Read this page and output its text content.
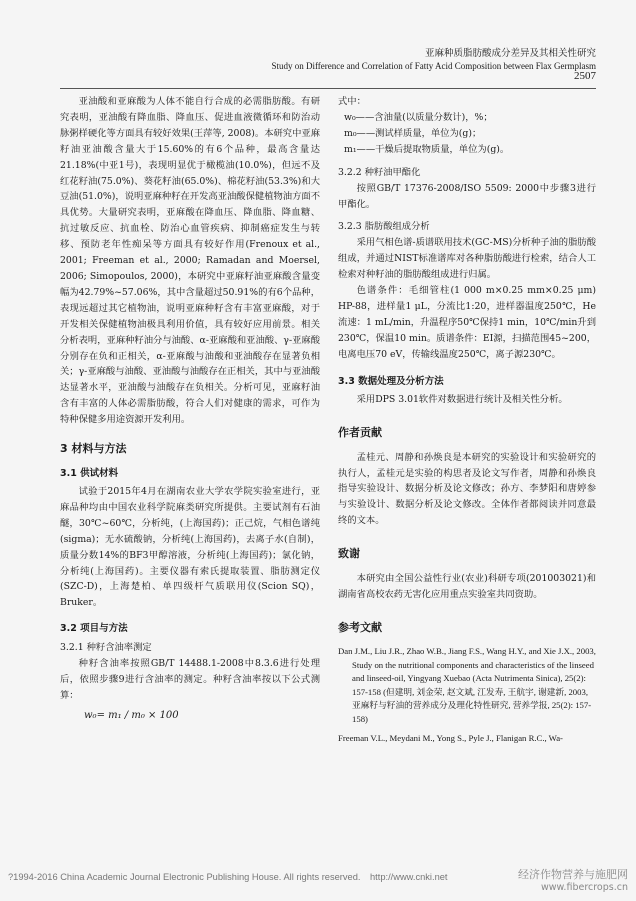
亚麻种质脂肪酸成分差异及其相关性研究
Study on Difference and Correlation of Fatty Acid Composition between Flax Germplasm
2507

亚油酸和亚麻酸为人体不能自行合成的必需脂肪酸。有研究表明，亚油酸有降血脂、降血压、促进血液微循环和防治动脉粥样硬化等方面具有较好效果(王萍等, 2008)。本研究中亚麻籽油亚油酸含量大于15.60%的有6个品种，最高含量达21.18%(中亚1号)，表现明显优于橄榄油(10.0%)，但远不及红花籽油(75.0%)、葵花籽油(65.0%)、棉花籽油(53.3%)和大豆油(51.0%)，说明亚麻种籽在开发高亚油酸保健植物油方面不具优势。大量研究表明，亚麻酸在降血压、降血脂、降血糖、抗过敏反应、抗血栓、防治心血管疾病、抑制癌症发生与转移、预防老年性痴呆等方面具有较好作用(Frenoux et al., 2001; Freeman et al., 2000; Ramadan and Moersel, 2006; Simopoulos, 2000)，本研究中亚麻籽油亚麻酸含量变幅为42.79%~57.06%，其中含量超过50.91%的有6个品种，表现远超过其它植物油，说明亚麻种籽含有丰富亚麻酸，对于开发相关保健植物油极具利用价值，具有较好应用前景。相关分析表明，亚麻种籽油分与油酸、α-亚麻酸和亚油酸、γ-亚麻酸分别存在负和正相关，α-亚麻酸与油酸和亚油酸存在显著负相关；γ-亚麻酸与油酸、亚油酸与油酸存在正相关，其中与亚油酸达显著水平，亚油酸与油酸存在负相关。分析可见，亚麻籽油含有丰富的人体必需脂肪酸，符合人们对健康的需求，可作为特种保健多用途资源开发利用。

3 材料与方法
3.1 供试材料

试验于2015年4月在湖南农业大学农学院实验室进行，亚麻品种均由中国农业科学院麻类研究所提供。主要试剂有石油醚，30℃~60℃，分析纯，(上海国药)；正己烷，气相色谱纯(sigma)；无水硫酸钠，分析纯(上海国药)，去离子水(自制)，质量分数14%的BF3甲醇溶液，分析纯(上海国药)；氯化钠，分析纯(上海国药)。主要仪器有索氏提取装置、脂肪测定仪(SZC-D)，上海楚柏、单四级杆气质联用仪(Scion SQ)，Bruker。

3.2 项目与方法
3.2.1 种籽含油率测定

种籽含油率按照GB/T 14488.1-2008中8.3.6进行处理后，依照步骤9进行含油率的测定。种籽含油率按以下公式测算：

w₀= m₁ / m₀ × 100

式中：

w₀——含油量(以质量分数计)，%；
m₀——测试样质量，单位为(g)；
m₁——干燥后提取物质量，单位为(g)。
3.2.2 种籽油甲酯化

按照GB/T 17376-2008/ISO 5509: 2000中步骤3进行甲酯化。

3.2.3 脂肪酸组成分析

采用气相色谱-质谱联用技术(GC-MS)分析种子油的脂肪酸组成，并通过NIST标准谱库对各种脂肪酸进行检索，结合人工检索对种籽油的脂肪酸组成进行归属。

色谱条件：毛细管柱(1 000 m×0.25 mm×0.25 μm) HP-88，进样量1 μL，分流比1:20，进样器温度250℃，He流速：1 mL/min，升温程序50℃保持1 min，10℃/min升到230℃，保温10 min。质谱条件：EI源，扫描范围45~200，电离电压70 eV，传输线温度250℃，离子源230℃。

3.3 数据处理及分析方法

采用DPS 3.01软件对数据进行统计及相关性分析。

作者贡献

孟桂元、周静和孙焕良是本研究的实验设计和实验研究的执行人，孟桂元是实验的构思者及论文写作者，周静和孙焕良指导实验设计、数据分析及论文修改；孙方、李梦阳和唐婷参与实验设计、数据分析及论文修改。全体作者都阅读并同意最终的文本。

致谢

本研究由全国公益性行业(农业)科研专项(201003021)和湖南省高校农药无害化应用重点实验室共同资助。

参考文献

Dan J.M., Liu J.R., Zhao W.B., Jiang F.S., Wang H.Y., and Xie J.X., 2003, Study on the nutritional components and characteristics of the linseed and linseed-oil, Yingyang Xuebao (Acta Nutrimenta Sinica), 25(2): 157-158 (但建明, 刘金荣, 赵文斌, 江发寿, 王航宇, 谢建新, 2003, 亚麻籽与籽油的营养成分及理化特性研究, 营养学报, 25(2): 157-158)

Freeman V.L., Meydani M., Yong S., Pyle J., Flanigan R.C., Wa-

?1994-2016 China Academic Journal Electronic Publishing House. All rights reserved. http://www.cnki.net	经济作物营养与施肥网
www.fibercrops.cn
